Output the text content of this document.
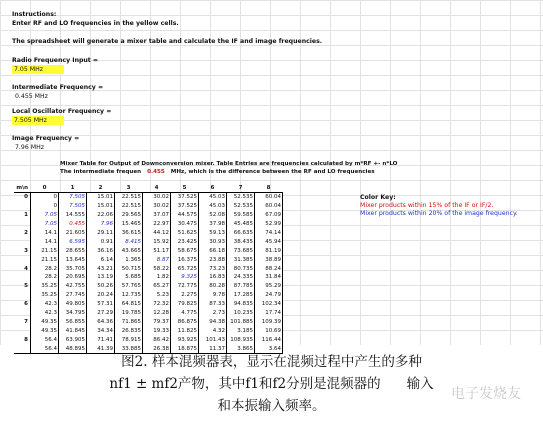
Instructions:
Enter RF and LO frequencies in the yellow cells.
The spreadsheet will generate a mixer table and calculate the IF and image frequencies.
Radio Frequency Input =
7.05 MHz
Intermediate Frequency =
0.455 MHz
Local Oscillator Frequency =
7.505 MHz
Image Frequency =
7.96 MHz
Mixer Table for Output of Downconversion mixer. Table Entries are frequencies calculated by m*RF +- n*LO
The intermediate frequen 0.455 MHz, which is the difference between the RF and LO frequencies
m\n	0	1	2	3	4	5	6	7	8
0	0	7.505	15.01	22.515	30.02	37.525	45.03	52.535	60.04
	0	7.505	15.01	22.515	30.02	37.525	45.03	52.535	60.04
1	7.05	14.555	22.06	29.565	37.07	44.575	52.08	59.585	67.09
	7.05	0.455	7.96	15.465	22.97	30.475	37.98	45.485	52.99
2	14.1	21.605	29.11	36.615	44.12	51.625	59.13	66.635	74.14
	14.1	6.595	0.91	8.415	15.92	23.425	30.93	38.435	45.94
3	21.15	28.655	36.16	43.665	51.17	58.675	66.18	73.685	81.19
	21.15	13.645	6.14	1.365	8.87	16.375	23.88	31.385	38.89
4	28.2	35.705	43.21	50.715	58.22	65.725	73.23	80.735	88.24
	28.2	20.695	13.19	5.685	1.82	9.325	16.83	24.335	31.84
5	35.25	42.755	50.26	57.765	65.27	72.775	80.28	87.785	95.29
	35.25	27.745	20.24	12.735	5.23	2.275	9.78	17.285	24.79
6	42.3	49.805	57.31	64.815	72.32	79.825	87.33	94.835	102.34
	42.3	34.795	27.29	19.785	12.28	4.775	2.73	10.235	17.74
7	49.35	56.855	64.36	71.865	79.37	86.875	94.38	101.885	109.39
	49.35	41.845	34.34	26.835	19.33	11.825	4.32	3.185	10.69
8	56.4	63.905	71.41	78.915	86.42	93.925	101.43	108.935	116.44
	56.4	48.895	41.39	33.885	26.38	18.875	11.37	3.865	3.64
Color Key:
Mixer products within 15% of the IF or IF/2.
Mixer products within 20% of the image frequency.
图2. 样本混频器表，显示在混频过程中产生的多种
nf1 ± mf2产物，其中f1和f2分别是混频器的 输入
和本振输入频率。
电子发烧友
